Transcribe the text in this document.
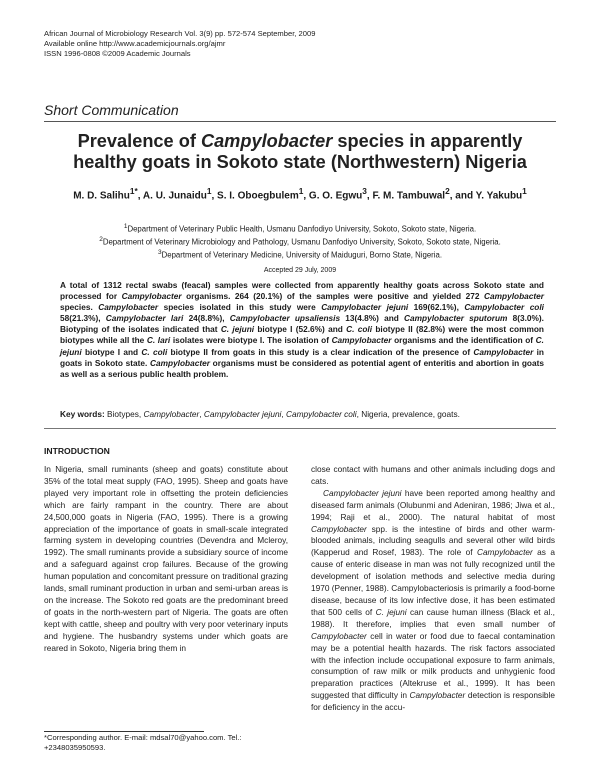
African Journal of Microbiology Research Vol. 3(9) pp. 572-574 September, 2009
Available online http://www.academicjournals.org/ajmr
ISSN 1996-0808 ©2009 Academic Journals
Short Communication
Prevalence of Campylobacter species in apparently healthy goats in Sokoto state (Northwestern) Nigeria
M. D. Salihu$^{1*}$, A. U. Junaidu$^1$, S. I. Oboegbulem$^1$, G. O. Egwu$^3$, F. M. Tambuwal$^2$, and Y. Yakubu$^1$
$^1$Department of Veterinary Public Health, Usmanu Danfodiyo University, Sokoto, Sokoto state, Nigeria.
$^2$Department of Veterinary Microbiology and Pathology, Usmanu Danfodiyo University, Sokoto, Sokoto state, Nigeria.
$^3$Department of Veterinary Medicine, University of Maiduguri, Borno State, Nigeria.
Accepted 29 July, 2009
A total of 1312 rectal swabs (feacal) samples were collected from apparently healthy goats across Sokoto state and processed for Campylobacter organisms. 264 (20.1%) of the samples were positive and yielded 272 Campylobacter species. Campylobacter species isolated in this study were Campylobacter jejuni 169(62.1%), Campylobacter coli 58(21.3%), Campylobacter lari 24(8.8%), Campylobacter upsaliensis 13(4.8%) and Campylobacter sputorum 8(3.0%). Biotyping of the isolates indicated that C. jejuni biotype I (52.6%) and C. coli biotype II (82.8%) were the most common biotypes while all the C. lari isolates were biotype I. The isolation of Campylobacter organisms and the identification of C. jejuni biotype I and C. coli biotype II from goats in this study is a clear indication of the presence of Campylobacter in goats in Sokoto state. Campylobacter organisms must be considered as potential agent of enteritis and abortion in goats as well as a serious public health problem.
Key words: Biotypes, Campylobacter, Campylobacter jejuni, Campylobacter coli, Nigeria, prevalence, goats.
INTRODUCTION

In Nigeria, small ruminants (sheep and goats) constitute about 35% of the total meat supply (FAO, 1995). Sheep and goats have played very important role in offsetting the protein deficiencies which are fairly rampant in the country. There are about 24,500,000 goats in Nigeria (FAO, 1995). There is a growing appreciation of the importance of goats in small-scale integrated farming system in developing countries (Devendra and Mcleroy, 1992). The small ruminants provide a subsidiary source of income and a safeguard against crop failures. Because of the growing human population and concomitant pressure on traditional grazing lands, small ruminant production in urban and semi-urban areas is on the increase. The Sokoto red goats are the predominant breed of goats in the north-western part of Nigeria. The goats are often kept with cattle, sheep and poultry with very poor veterinary inputs and hygiene. The husbandry systems under which goats are reared in Sokoto, Nigeria bring them in

close contact with humans and other animals including dogs and cats.

Campylobacter jejuni have been reported among healthy and diseased farm animals (Olubunmi and Adeniran, 1986; Jiwa et al., 1994; Raji et al., 2000). The natural habitat of most Campylobacter spp. is the intestine of birds and other warm-blooded animals, including seagulls and several other wild birds (Kapperud and Rosef, 1983). The role of Campylobacter as a cause of enteric disease in man was not fully recognized until the development of isolation methods and selective media during 1970 (Penner, 1988). Campylobacteriosis is primarily a food-borne disease, because of its low infective dose, it has been estimated that 500 cells of C. jejuni can cause human illness (Black et al., 1988). It therefore, implies that even small number of Campylobacter cell in water or food due to faecal contamination may be a potential health hazards. The risk factors associated with the infection include occupational exposure to farm animals, consumption of raw milk or milk products and unhygienic food preparation practices (Altekruse et al., 1999). It has been suggested that difficulty in Campylobacter detection is responsible for deficiency in the accu-

*Corresponding author. E-mail: mdsal70@yahoo.com. Tel.: +2348035950593.
